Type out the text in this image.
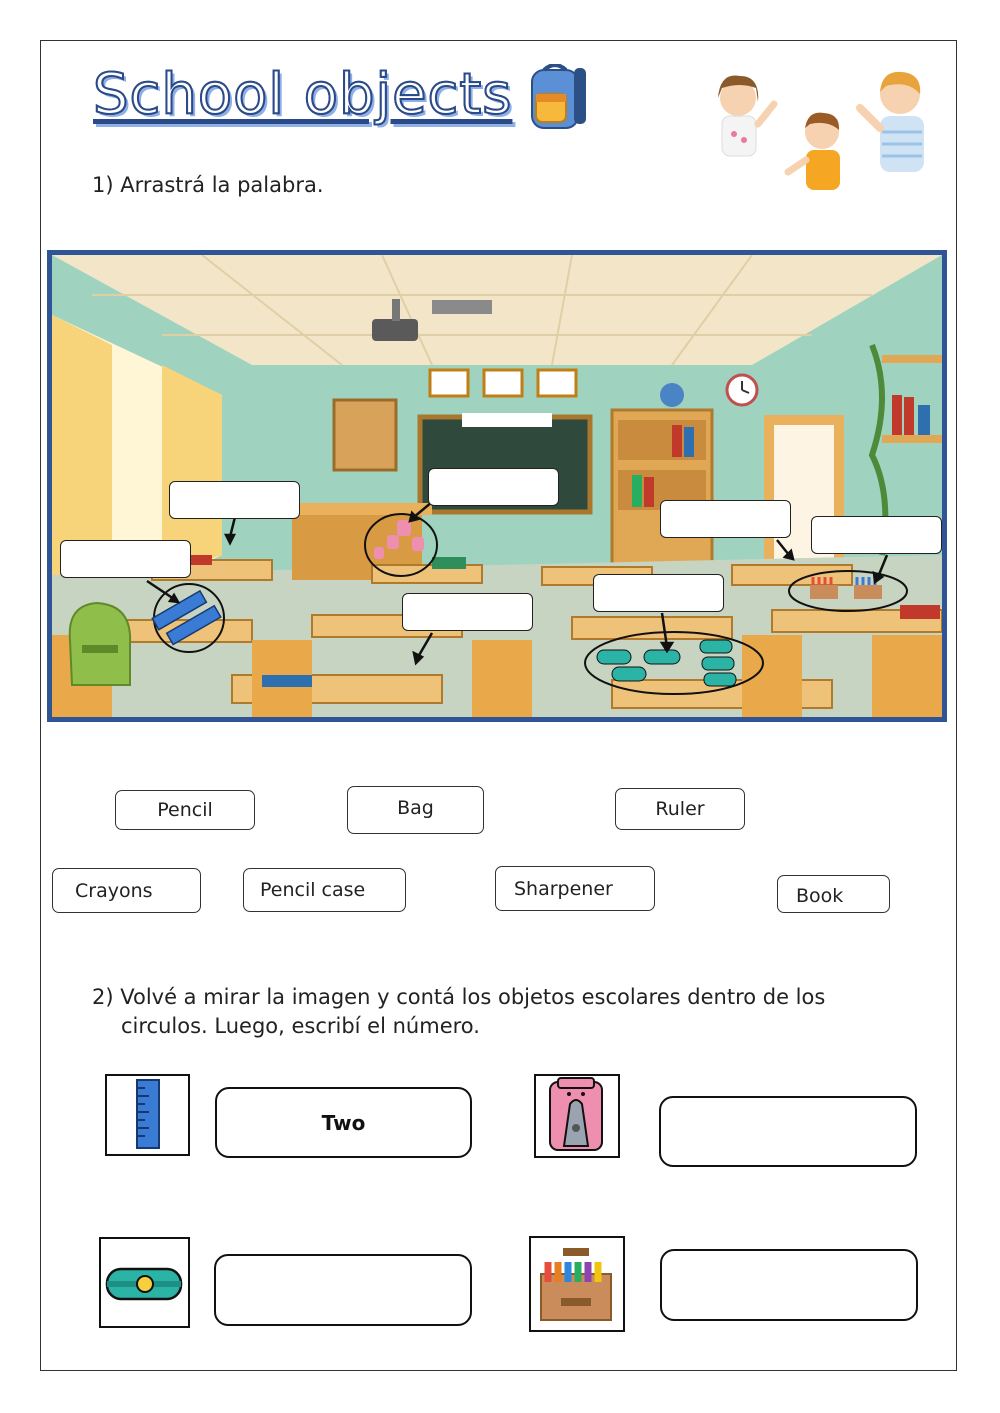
School objects
1) Arrastrá la palabra.
Pencil	Bag	Ruler
Crayons	Pencil case	Sharpener	Book
2) Volvé a mirar la imagen y contá los objetos escolares dentro de los
circulos. Luego, escribí el número.
Two
